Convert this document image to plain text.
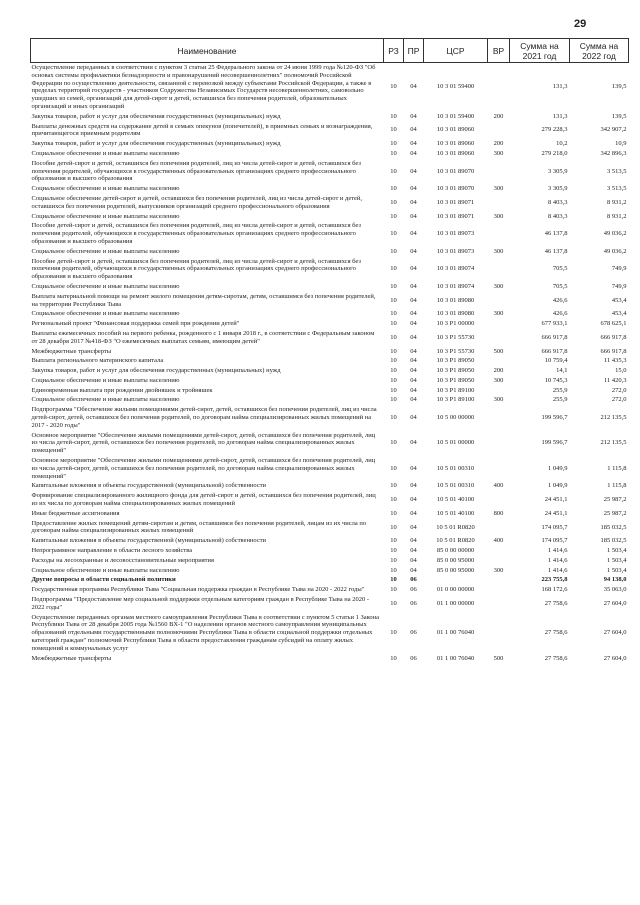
29
Наименование	РЗ	ПР	ЦСР	ВР	Сумма на 2021 год	Сумма на 2022 год
Осуществление переданных в соответствии с пунктом 3 статьи 25 Федерального закона от 24 июня 1999 года №120-ФЗ "Об основах системы профилактики безнадзорности и правонарушений несовершеннолетних" полномочий Российской Федерации по осуществлению деятельности, связанной с перевозкой между субъектами Российской Федерации, а также в пределах территорий государств - участников Содружества Независимых Государств несовершеннолетних, самовольно ушедших из семей, организаций для детей-сирот и детей, оставшихся без попечения родителей, образовательных организаций и иных организаций	10	04	10 3 01 59400		131,3	139,5
Закупка товаров, работ и услуг для обеспечения государственных (муниципальных) нужд	10	04	10 3 01 59400	200	131,3	139,5
Выплаты денежных средств на содержание детей в семьях опекунов (попечителей), в приемных семьях и вознаграждения, причитающегося приемным родителям	10	04	10 3 01 89060		279 228,3	342 907,2
Закупка товаров, работ и услуг для обеспечения государственных (муниципальных) нужд	10	04	10 3 01 89060	200	10,2	10,9
Социальное обеспечение и иные выплаты населению	10	04	10 3 01 89060	300	279 218,0	342 896,3
Пособие детей-сирот и детей, оставшихся без попечения родителей, лиц из числа детей-сирот и детей, оставшихся без попечения родителей, обучающихся в государственных образовательных организациях среднего профессионального образования и высшего образования	10	04	10 3 01 89070		3 305,9	3 513,5
Социальное обеспечение и иные выплаты населению	10	04	10 3 01 89070	300	3 305,9	3 513,5
Социальное обеспечение детей-сирот и детей, оставшихся без попечения родителей, лиц из числа детей-сирот и детей, оставшихся без попечения родителей, выпускников организаций среднего профессионального образования	10	04	10 3 01 89071		8 403,3	8 931,2
Социальное обеспечение и иные выплаты населению	10	04	10 3 01 89071	300	8 403,3	8 931,2
Пособие детей-сирот и детей, оставшихся без попечения родителей, лиц из числа детей-сирот и детей, оставшихся без попечения родителей, обучающихся в государственных образовательных организациях среднего профессионального образования и высшего образования	10	04	10 3 01 89073		46 137,8	49 036,2
Социальное обеспечение и иные выплаты населению	10	04	10 3 01 89073	300	46 137,8	49 036,2
Пособие детей-сирот и детей, оставшихся без попечения родителей, лиц из числа детей-сирот и детей, оставшихся без попечения родителей, обучающихся в государственных образовательных организациях среднего профессионального образования и высшего образования	10	04	10 3 01 89074		705,5	749,9
Социальное обеспечение и иные выплаты населению	10	04	10 3 01 89074	300	705,5	749,9
Выплата материальной помощи на ремонт жилого помещения детям-сиротам, детям, оставшимся без попечения родителей, на территории Республики Тыва	10	04	10 3 01 89080		426,6	453,4
Социальное обеспечение и иные выплаты населению	10	04	10 3 01 89080	300	426,6	453,4
Региональный проект "Финансовая поддержка семей при рождении детей"	10	04	10 3 P1 00000		677 933,1	678 625,1
Выплаты ежемесячных пособий на первого ребенка, рожденного с 1 января 2018 г., в соответствии с Федеральным законом от 28 декабря 2017 №418-ФЗ "О ежемесячных выплатах семьям, имеющим детей"	10	04	10 3 P1 55730		666 917,8	666 917,8
Межбюджетные трансферты	10	04	10 3 P1 55730	500	666 917,8	666 917,8
Выплата регионального материнского капитала	10	04	10 3 P1 89050		10 759,4	11 435,3
Закупка товаров, работ и услуг для обеспечения государственных (муниципальных) нужд	10	04	10 3 P1 89050	200	14,1	15,0
Социальное обеспечение и иные выплаты населению	10	04	10 3 P1 89050	300	10 745,3	11 420,3
Единовременная выплата при рождении двойняшек и тройняшек	10	04	10 3 P1 89100		255,9	272,0
Социальное обеспечение и иные выплаты населению	10	04	10 3 P1 89100	300	255,9	272,0
Подпрограмма "Обеспечение жилыми помещениями детей-сирот, детей, оставшихся без попечения родителей, лиц из числа детей-сирот, детей, оставшихся без попечения родителей, по договорам найма специализированных жилых помещений на 2017 - 2020 годы"	10	04	10 5 00 00000		199 596,7	212 135,5
Основное мероприятие "Обеспечение жилыми помещениями детей-сирот, детей, оставшихся без попечения родителей, лиц из числа детей-сирот, детей, оставшихся без попечения родителей, по договорам найма специализированных жилых помещений"	10	04	10 5 01 00000		199 596,7	212 135,5
Основное мероприятие "Обеспечение жилыми помещениями детей-сирот, детей, оставшихся без попечения родителей, лиц из числа детей-сирот, детей, оставшихся без попечения родителей, по договорам найма специализированных жилых помещений"	10	04	10 5 01 00310		1 049,9	1 115,8
Капитальные вложения в объекты государственной (муниципальной) собственности	10	04	10 5 01 00310	400	1 049,9	1 115,8
Формирование специализированного жилищного фонда для детей-сирот и детей, оставшихся без попечения родителей, лиц из их числа по договорам найма специализированных жилых помещений	10	04	10 5 01 40100		24 451,1	25 987,2
Иные бюджетные ассигнования	10	04	10 5 01 40100	800	24 451,1	25 987,2
Предоставление жилых помещений детям-сиротам и детям, оставшимся без попечения родителей, лицам из их числа по договорам найма специализированных жилых помещений	10	04	10 5 01 R0820		174 095,7	185 032,5
Капитальные вложения в объекты государственной (муниципальной) собственности	10	04	10 5 01 R0820	400	174 095,7	185 032,5
Непрограммное направление в области лесного хозяйства	10	04	85 0 00 00000		1 414,6	1 503,4
Расходы на лесоохранные и лесовосстановительные мероприятия	10	04	85 0 00 95000		1 414,6	1 503,4
Социальное обеспечение и иные выплаты населению	10	04	85 0 00 95000	300	1 414,6	1 503,4
Другие вопросы в области социальной политики	10	06			223 755,8	94 138,0
Государственная программа Республики Тыва "Социальная поддержка граждан в Республике Тыва на 2020 - 2022 годы"	10	06	01 0 00 00000		168 172,6	35 063,0
Подпрограмма "Предоставление мер социальной поддержки отдельным категориям граждан в Республике Тыва на 2020 - 2022 годы"	10	06	01 1 00 00000		27 758,6	27 604,0
Осуществление переданных органам местного самоуправления Республики Тыва в соответствии с пунктом 5 статьи 1 Закона Республики Тыва от 28 декабря 2005 года №1560 ВХ-1 "О наделении органов местного самоуправления муниципальных образований отдельными государственными полномочиями Республики Тыва в области социальной поддержки отдельных категорий граждан" полномочий Республики Тыва в области предоставления гражданам субсидий на оплату жилых помещений и коммунальных услуг	10	06	01 1 00 76040		27 758,6	27 604,0
Межбюджетные трансферты	10	06	01 1 00 76040	500	27 758,6	27 604,0
